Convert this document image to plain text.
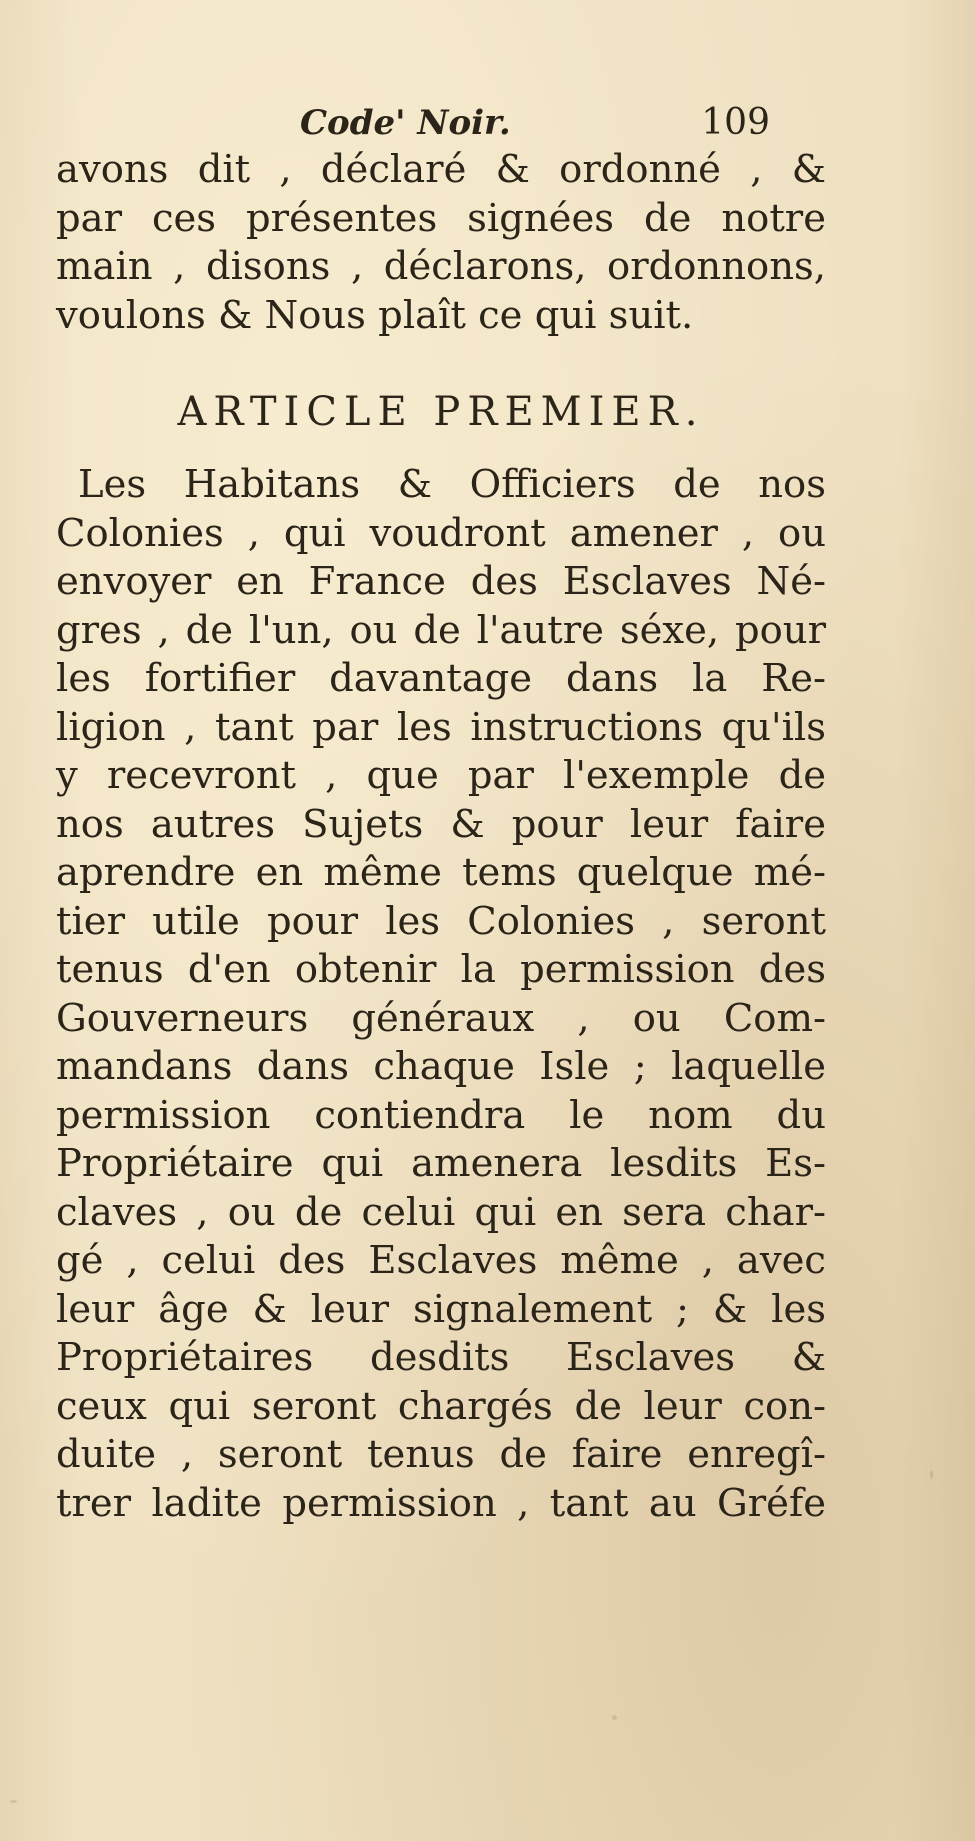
Code' Noir.	109
avons dit , déclaré & ordonné , &
par ces présentes signées de notre
main , disons , déclarons, ordonnons,
voulons & Nous plaît ce qui suit.
ARTICLE PREMIER.
Les Habitans & Officiers de nos
Colonies , qui voudront amener , ou
envoyer en France des Esclaves Né-
gres , de l'un, ou de l'autre séxe, pour
les fortifier davantage dans la Re-
ligion , tant par les instructions qu'ils
y recevront , que par l'exemple de
nos autres Sujets & pour leur faire
aprendre en même tems quelque mé-
tier utile pour les Colonies , seront
tenus d'en obtenir la permission des
Gouverneurs généraux , ou Com-
mandans dans chaque Isle ; laquelle
permission contiendra le nom du
Propriétaire qui amenera lesdits Es-
claves , ou de celui qui en sera char-
gé , celui des Esclaves même , avec
leur âge & leur signalement ; & les
Propriétaires desdits Esclaves &
ceux qui seront chargés de leur con-
duite , seront tenus de faire enregî-
trer ladite permission , tant au Gréfe
